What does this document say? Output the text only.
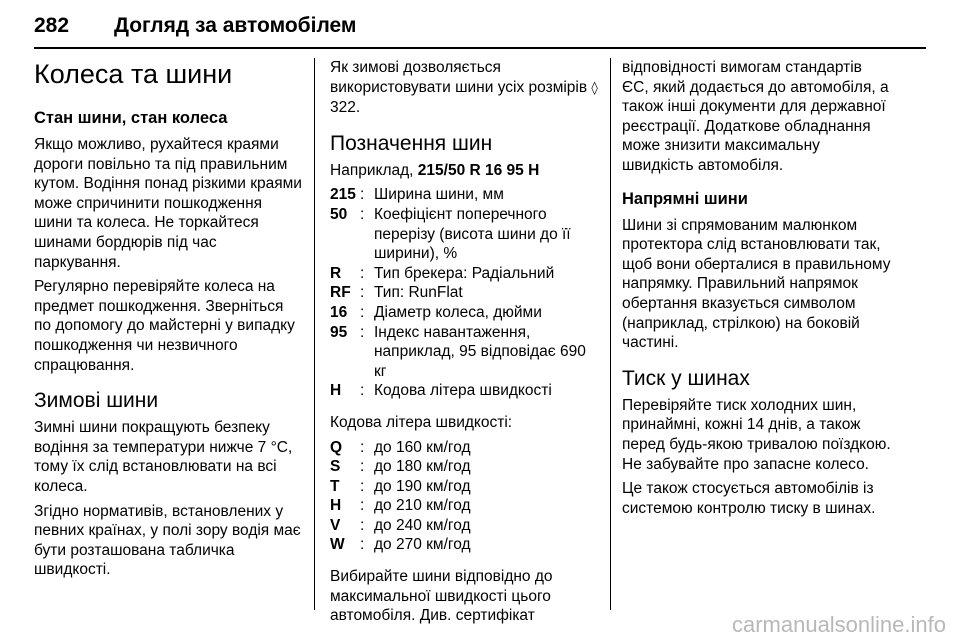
282 Догляд за автомобілем
Колеса та шини
Стан шини, стан колеса

Якщо можливо, рухайтеся краями дороги повільно та під правильним кутом. Водіння понад різкими краями може спричинити пошкодження шини та колеса. Не торкайтеся шинами бордюрів під час паркування.

Регулярно перевіряйте колеса на предмет пошкодження. Зверніться по допомогу до майстерні у випадку пошкодження чи незвичного спрацювання.

Зимові шини

Зимні шини покращують безпеку водіння за температури нижче 7 °C, тому їх слід встановлювати на всі колеса.

Згідно нормативів, встановлених у певних країнах, у полі зору водія має бути розташована табличка швидкості.

Як зимові дозволяється використовувати шини усіх розмірів ◊ 322.

Позначення шин

Наприклад, 215/50 R 16 95 H

215 : Ширина шини, мм
50 : Коефіцієнт поперечного перерізу (висота шини до її ширини), %
R	: Тип брекера: Радіальний
RF : Тип: RunFlat
16 : Діаметр колеса, дюйми
95 : Індекс навантаження, наприклад, 95 відповідає 690 кг
H	: Кодова літера швидкості

Кодова літера швидкості:

Q	: до 160 км/год
S	: до 180 км/год
T	: до 190 км/год
H	: до 210 км/год
V	: до 240 км/год
W : до 270 км/год

Вибирайте шини відповідно до максимальної швидкості цього автомобіля. Див. сертифікат

відповідності вимогам стандартів ЄС, який додається до автомобіля, а також інші документи для державної реєстрації. Додаткове обладнання може знизити максимальну швидкість автомобіля.

Напрямні шини

Шини зі спрямованим малюнком протектора слід встановлювати так, щоб вони оберталися в правильному напрямку. Правильний напрямок обертання вказується символом (наприклад, стрілкою) на боковій частині.

Тиск у шинах

Перевіряйте тиск холодних шин, принаймні, кожні 14 днів, а також перед будь-якою тривалою поїздкою. Не забувайте про запасне колесо.

Це також стосується автомобілів із системою контролю тиску в шинах.

carmanualsonline.info
